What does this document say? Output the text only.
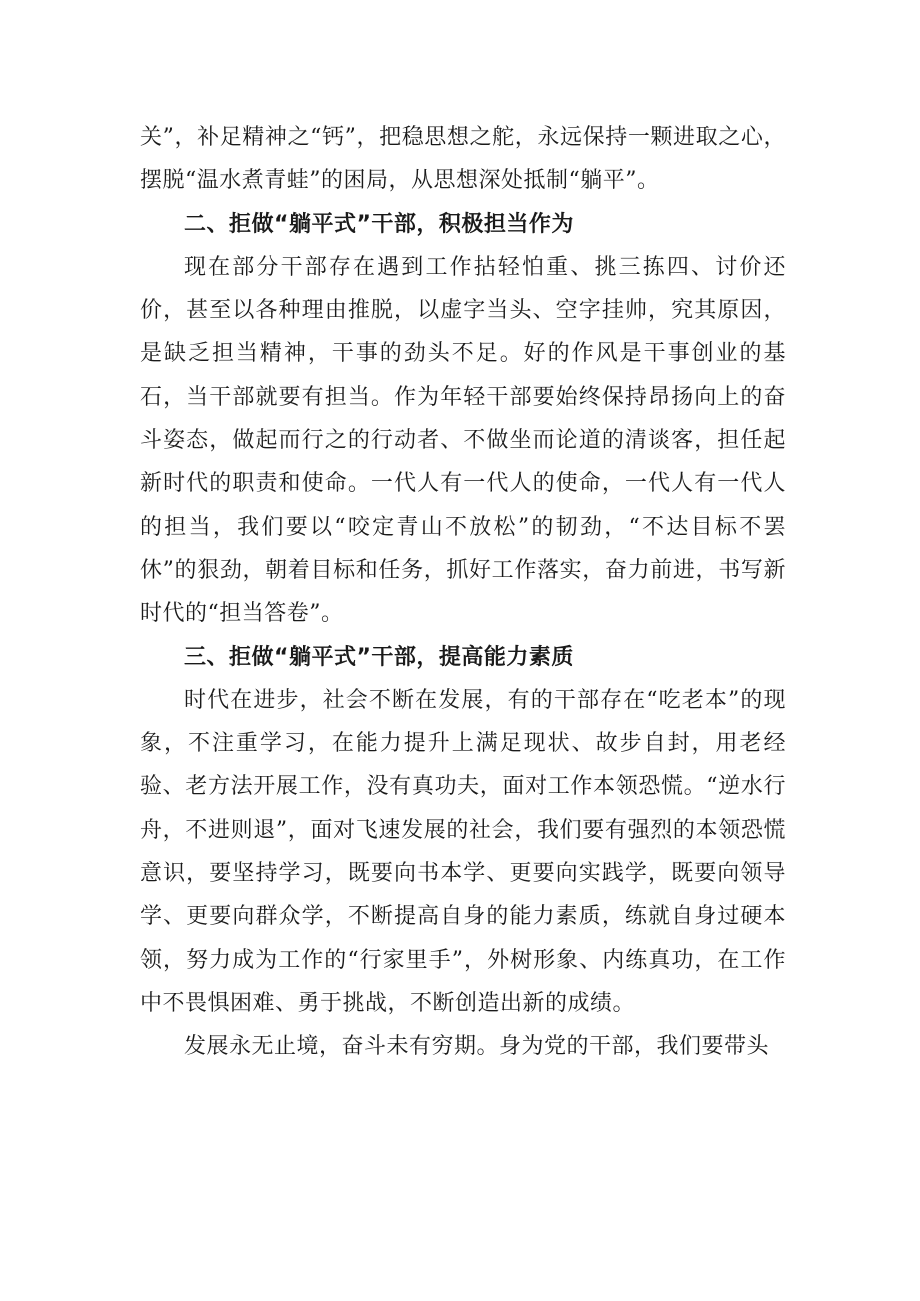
关”，补足精神之“钙”，把稳思想之舵，永远保持一颗进取之心，摆脱“温水煮青蛙”的困局，从思想深处抵制“躺平”。

二、拒做“躺平式”干部，积极担当作为

现在部分干部存在遇到工作拈轻怕重、挑三拣四、讨价还价，甚至以各种理由推脱，以虚字当头、空字挂帅，究其原因，是缺乏担当精神，干事的劲头不足。好的作风是干事创业的基石，当干部就要有担当。作为年轻干部要始终保持昂扬向上的奋斗姿态，做起而行之的行动者、不做坐而论道的清谈客，担任起新时代的职责和使命。一代人有一代人的使命，一代人有一代人的担当，我们要以“咬定青山不放松”的韧劲，“不达目标不罢休”的狠劲，朝着目标和任务，抓好工作落实，奋力前进，书写新时代的“担当答卷”。

三、拒做“躺平式”干部，提高能力素质

时代在进步，社会不断在发展，有的干部存在“吃老本”的现象，不注重学习，在能力提升上满足现状、故步自封，用老经验、老方法开展工作，没有真功夫，面对工作本领恐慌。“逆水行舟，不进则退”，面对飞速发展的社会，我们要有强烈的本领恐慌意识，要坚持学习，既要向书本学、更要向实践学，既要向领导学、更要向群众学，不断提高自身的能力素质，练就自身过硬本领，努力成为工作的“行家里手”，外树形象、内练真功，在工作中不畏惧困难、勇于挑战，不断创造出新的成绩。

发展永无止境，奋斗未有穷期。身为党的干部，我们要带头
